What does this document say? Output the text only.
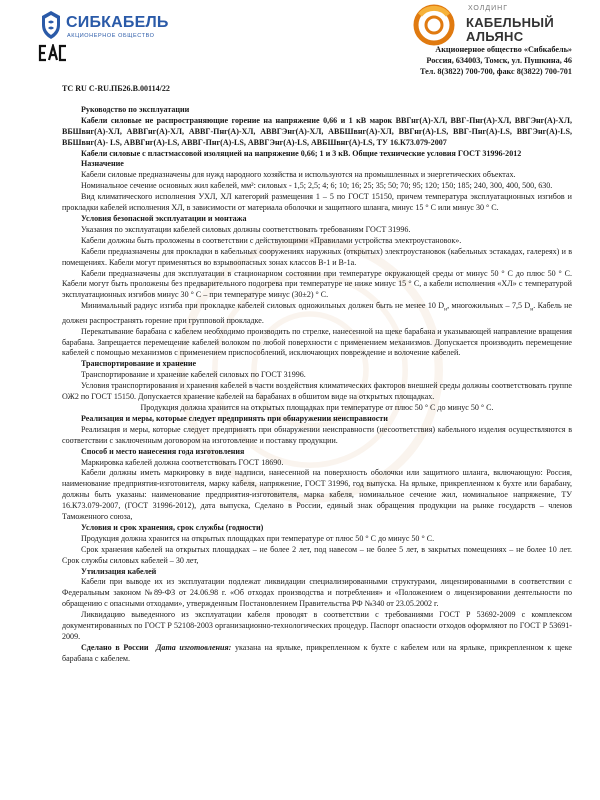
СИБКАБЕЛЬ
АКЦИОНЕРНОЕ ОБЩЕСТВО
ХОЛДИНГ
КАБЕЛЬНЫЙ
АЛЬЯНС
Акционерное общество «Сибкабель»
Россия, 634003, Томск, ул. Пушкина, 46
Тел. 8(3822) 700-700, факс 8(3822) 700-701

ТС RU C-RU.ПБ26.В.00114/22

Руководство по эксплуатации

Кабели силовые не распространяющие горение на напряжение 0,66 и 1 кВ марок ВВГнг(А)-ХЛ, ВВГ-Пнг(А)-ХЛ, ВВГЭнг(А)-ХЛ, ВБШвнг(А)-ХЛ, АВВГнг(А)-ХЛ, АВВГ-Пнг(А)-ХЛ, АВВГЭнг(А)-ХЛ, АВБШвнг(А)-ХЛ, ВВГнг(А)-LS, ВВГ-Пнг(А)-LS, ВВГЭнг(А)-LS, ВБШвнг(А)- LS, АВВГнг(А)-LS, АВВГ-Пнг(А)-LS, АВВГЭнг(А)-LS, АВБШвнг(А)-LS, ТУ 16.К73.079-2007

Кабели силовые с пластмассовой изоляцией на напряжение 0,66; 1 и 3 кВ. Общие технические условия ГОСТ 31996-2012

Назначение

Кабели силовые предназначены для нужд народного хозяйства и используются на промышленных и энергетических объектах.

Номинальное сечение основных жил кабелей, мм²: силовых - 1,5; 2,5; 4; 6; 10; 16; 25; 35; 50; 70; 95; 120; 150; 185; 240, 300, 400, 500, 630.

Вид климатического исполнения УХЛ, ХЛ категорий размещения 1 – 5 по ГОСТ 15150, причем температура эксплуатационных изгибов и прокладки кабелей исполнения ХЛ, в зависимости от материала оболочки и защитного шланга, минус 15 ° С или минус 30 ° С.

Условия безопасной эксплуатации и монтажа

Указания по эксплуатации кабелей силовых должны соответствовать требованиям ГОСТ 31996.

Кабели должны быть проложены в соответствии с действующими «Правилами устройства электроустановок».

Кабели предназначены для прокладки в кабельных сооружениях наружных (открытых) электроустановок (кабельных эстакадах, галереях) и в помещениях. Кабели могут применяться во взрывоопасных зонах классов В-1 и В-1а.

Кабели предназначены для эксплуатации в стационарном состоянии при температуре окружающей среды от минус 50 ° С до плюс 50 ° С. Кабели могут быть проложены без предварительного подогрева при температуре не ниже минус 15 ° С, а кабели исполнения «ХЛ» с температурой эксплуатационных изгибов минус 30 ° С – при температуре минус (30±2) ° С.

Минимальный радиус изгиба при прокладке кабелей силовых одножильных должен быть не менее 10 $D_н$, многожильных – 7,5 $D_н$. Кабель не должен распространять горение при групповой прокладке.

Перекатывание барабана с кабелем необходимо производить по стрелке, нанесенной на щеке барабана и указывающей направление вращения барабана. Запрещается перемещение кабелей волоком по любой поверхности с применением механизмов. Допускается производить перемещение кабелей с помощью механизмов с применением приспособлений, исключающих повреждение и волочение кабелей.

Транспортирование и хранение

Транспортирование и хранение кабелей силовых по ГОСТ 31996.

Условия транспортирования и хранения кабелей в части воздействия климатических факторов внешней среды должны соответствовать группе ОЖ2 по ГОСТ 15150. Допускается хранение кабелей на барабанах в обшитом виде на открытых площадках.

Продукция должна хранится на открытых площадках при температуре от плюс 50 ° С до минус 50 ° С.

Реализация и меры, которые следует предпринять при обнаружении неисправности

Реализация и меры, которые следует предпринять при обнаружении неисправности (несоответствия) кабельного изделия осуществляются в соответствии с заключенным договором на изготовление и поставку продукции.

Способ и место нанесения года изготовления

Маркировка кабелей должна соответствовать ГОСТ 18690.

Кабели должны иметь маркировку в виде надписи, нанесенной на поверхность оболочки или защитного шланга, включающую: Россия, наименование предприятия-изготовителя, марку кабеля, напряжение, ГОСТ 31996, год выпуска. На ярлыке, прикрепленном к бухте или барабану, должны быть указаны: наименование предприятия-изготовителя, марка кабеля, номинальное сечение жил, номинальное напряжение, ТУ 16.К73.079-2007, (ГОСТ 31996-2012), дата выпуска, Сделано в России, единый знак обращения продукции на рынке государств – членов Таможенного союза,

Условия и срок хранения, срок службы (годности)

Продукция должна хранится на открытых площадках при температуре от плюс 50 ° С до минус 50 ° С.

Срок хранения кабелей на открытых площадках – не более 2 лет, под навесом – не более 5 лет, в закрытых помещениях – не более 10 лет. Срок службы силовых кабелей – 30 лет,

Утилизация кабелей

Кабели при выводе их из эксплуатации подлежат ликвидации специализированными структурами, лицензированными в соответствии с Федеральным законом №89-ФЗ от 24.06.98 г. «Об отходах производства и потребления» и «Положением о лицензировании деятельности по обращению с опасными отходами», утвержденным Постановлением Правительства РФ №340 от 23.05.2002 г.

Ликвидацию выведенного из эксплуатации кабеля проводят в соответствии с требованиями ГОСТ Р 53692-2009 с комплексом документированных по ГОСТ Р 52108-2003 организационно-технологических процедур. Паспорт опасности отходов оформляют по ГОСТ Р 53691-2009.

Сделано в России Дата изготовления: указана на ярлыке, прикрепленном к бухте с кабелем или на ярлыке, прикрепленном к щеке барабана с кабелем.
